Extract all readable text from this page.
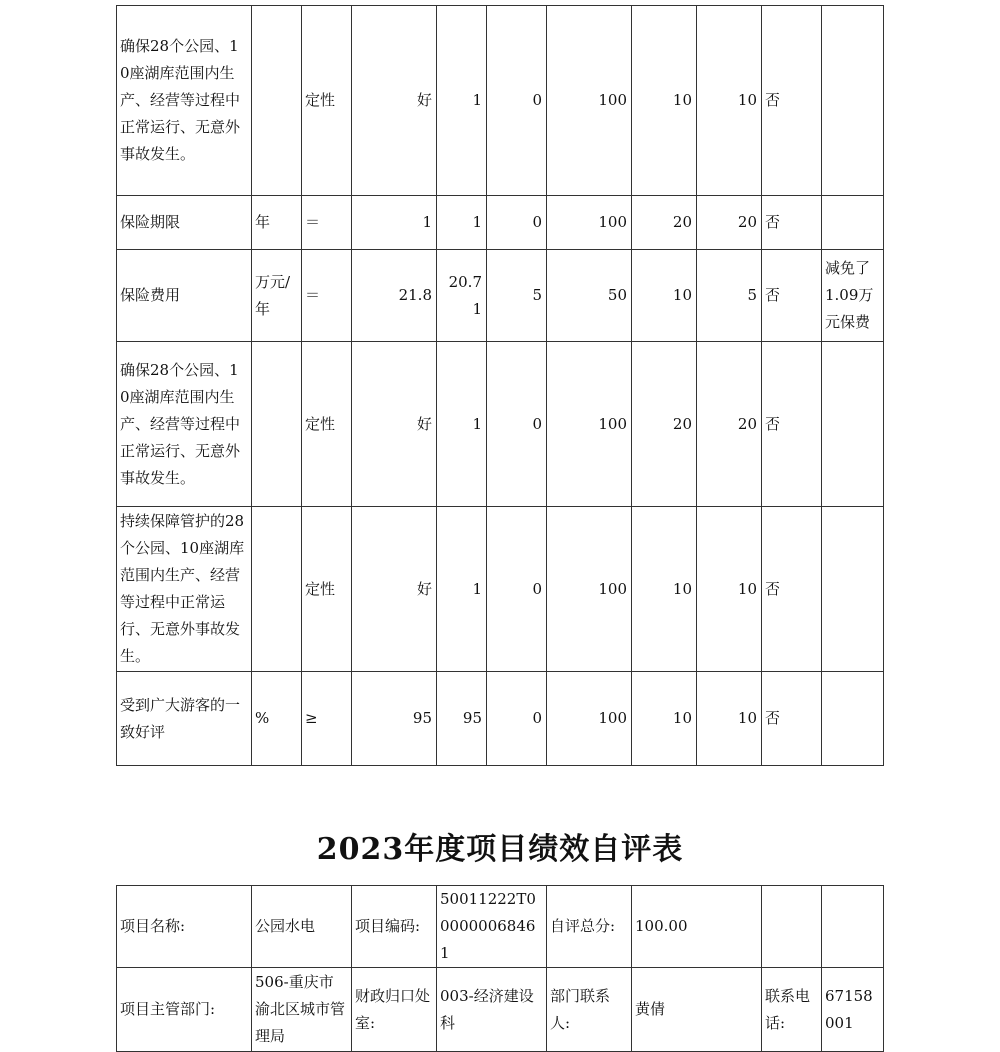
确保28个公园、10座湖库范围内生产、经营等过程中正常运行、无意外事故发生。		定性	好	1	0	100	10	10	否	
保险期限	年	＝	1	1	0	100	20	20	否	
保险费用	万元/年	＝	21.8	20.71	5	50	10	5	否	减免了1.09万元保费
确保28个公园、10座湖库范围内生产、经营等过程中正常运行、无意外事故发生。		定性	好	1	0	100	20	20	否	
持续保障管护的28个公园、10座湖库范围内生产、经营等过程中正常运行、无意外事故发生。		定性	好	1	0	100	10	10	否	
受到广大游客的一致好评	%	≥	95	95	0	100	10	10	否	
2023年度项目绩效自评表
项目名称:	公园水电	项目编码:	50011222T000000068461	自评总分:	100.00		
项目主管部门:	506-重庆市渝北区城市管理局	财政归口处室:	003-经济建设科	部门联系人:	黄倩	联系电话:	67158001
